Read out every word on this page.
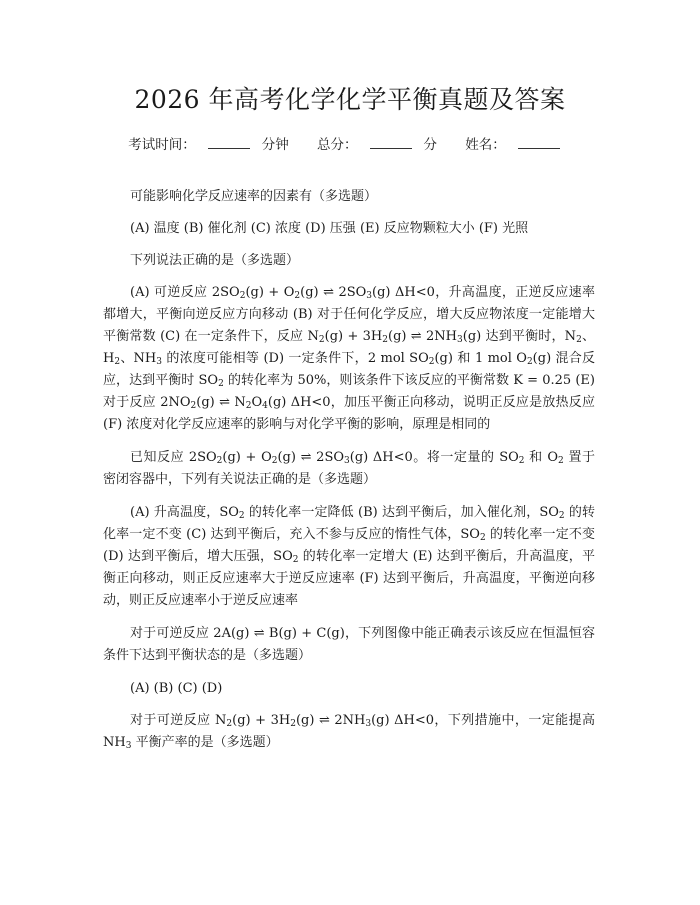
2026 年高考化学化学平衡真题及答案
考试时间：	分钟 总分：	分 姓名：

可能影响化学反应速率的因素有（多选题）

(A) 温度 (B) 催化剂 (C) 浓度 (D) 压强 (E) 反应物颗粒大小 (F) 光照

下列说法正确的是（多选题）

(A) 可逆反应 $2SO_2(g) + O_2(g)$ ⇌ $2SO_3(g)$ ΔH<0，升高温度，正逆反应速率都增大，平衡向逆反应方向移动 (B) 对于任何化学反应，增大反应物浓度一定能增大平衡常数 (C) 在一定条件下，反应 $N_2(g) + 3H_2(g)$ ⇌ $2NH_3(g)$ 达到平衡时，$N_2$、$H_2$、$NH_3$ 的浓度可能相等 (D) 一定条件下，2 mol $SO_2(g)$ 和 1 mol $O_2(g)$ 混合反应，达到平衡时 $SO_2$ 的转化率为 50%，则该条件下该反应的平衡常数 K = 0.25 (E) 对于反应 $2NO_2(g)$ ⇌ $N_2O_4(g)$ ΔH<0，加压平衡正向移动，说明正反应是放热反应 (F) 浓度对化学反应速率的影响与对化学平衡的影响，原理是相同的

已知反应 $2SO_2(g) + O_2(g)$ ⇌ $2SO_3(g)$ ΔH<0。将一定量的 $SO_2$ 和 $O_2$ 置于密闭容器中，下列有关说法正确的是（多选题）

(A) 升高温度，$SO_2$ 的转化率一定降低 (B) 达到平衡后，加入催化剂，$SO_2$ 的转化率一定不变 (C) 达到平衡后，充入不参与反应的惰性气体，$SO_2$ 的转化率一定不变 (D) 达到平衡后，增大压强，$SO_2$ 的转化率一定增大 (E) 达到平衡后，升高温度，平衡正向移动，则正反应速率大于逆反应速率 (F) 达到平衡后，升高温度，平衡逆向移动，则正反应速率小于逆反应速率

对于可逆反应 2A(g) ⇌ B(g) + C(g)，下列图像中能正确表示该反应在恒温恒容条件下达到平衡状态的是（多选题）

(A) (B) (C) (D)

对于可逆反应 $N_2(g) + 3H_2(g)$ ⇌ $2NH_3(g)$ ΔH<0，下列措施中，一定能提高 $NH_3$ 平衡产率的是（多选题）
